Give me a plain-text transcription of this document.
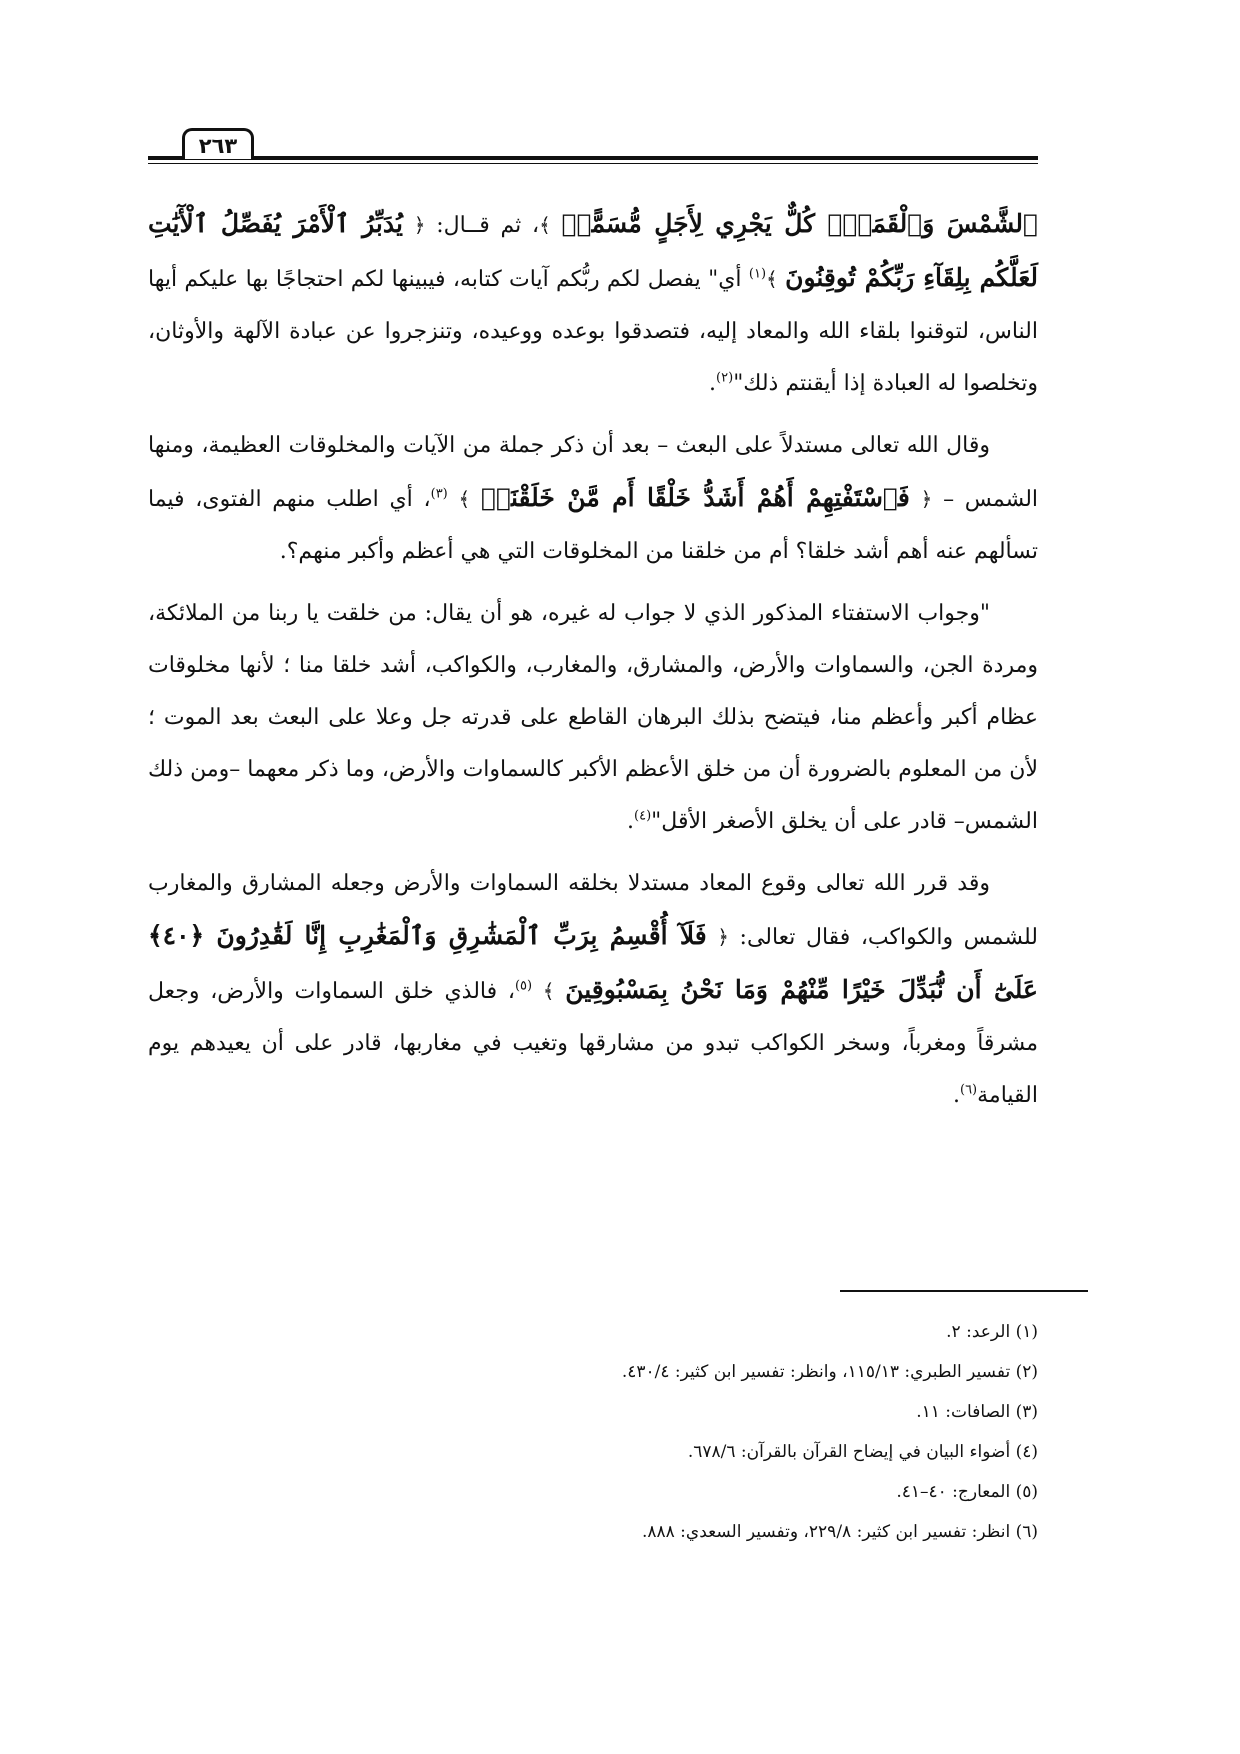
٢٦٣

ٱلشَّمْسَ وَٱلْقَمَرَۖ كُلٌّ يَجْرِي لِأَجَلٍ مُّسَمًّىۚ ﴾، ثم قــال: ﴿ يُدَبِّرُ ٱلْأَمْرَ يُفَصِّلُ ٱلْأٓيَٰتِ لَعَلَّكُم بِلِقَآءِ رَبِّكُمْ تُوقِنُونَ ﴾$^{(١)}$ أي" يفصل لكم ربُّكم آيات كتابه، فيبينها لكم احتجاجًا بها عليكم أيها الناس، لتوقنوا بلقاء الله والمعاد إليه، فتصدقوا بوعده ووعيده، وتنزجروا عن عبادة الآلهة والأوثان، وتخلصوا له العبادة إذا أيقنتم ذلك"$^{(٢)}$.

وقال الله تعالى مستدلاً على البعث – بعد أن ذكر جملة من الآيات والمخلوقات العظيمة، ومنها الشمس – ﴿ فَٱسْتَفْتِهِمْ أَهُمْ أَشَدُّ خَلْقًا أَم مَّنْ خَلَقْنَآۚ ﴾ $^{(٣)}$، أي اطلب منهم الفتوى، فيما تسألهم عنه أهم أشد خلقا؟ أم من خلقنا من المخلوقات التي هي أعظم وأكبر منهم؟.

"وجواب الاستفتاء المذكور الذي لا جواب له غيره، هو أن يقال: من خلقت يا ربنا من الملائكة، ومردة الجن، والسماوات والأرض، والمشارق، والمغارب، والكواكب، أشد خلقا منا ؛ لأنها مخلوقات عظام أكبر وأعظم منا، فيتضح بذلك البرهان القاطع على قدرته جل وعلا على البعث بعد الموت ؛ لأن من المعلوم بالضرورة أن من خلق الأعظم الأكبر كالسماوات والأرض، وما ذكر معهما –ومن ذلك الشمس– قادر على أن يخلق الأصغر الأقل"$^{(٤)}$.

وقد قرر الله تعالى وقوع المعاد مستدلا بخلقه السماوات والأرض وجعله المشارق والمغارب للشمس والكواكب، فقال تعالى: ﴿ فَلَآ أُقْسِمُ بِرَبِّ ٱلْمَشَٰرِقِ وَٱلْمَغَٰرِبِ إِنَّا لَقَٰدِرُونَ ﴿٤٠﴾ عَلَىٰٓ أَن نُّبَدِّلَ خَيْرًا مِّنْهُمْ وَمَا نَحْنُ بِمَسْبُوقِينَ ﴾ $^{(٥)}$، فالذي خلق السماوات والأرض، وجعل مشرقاً ومغرباً، وسخر الكواكب تبدو من مشارقها وتغيب في مغاربها، قادر على أن يعيدهم يوم القيامة$^{(٦)}$.

(١) الرعد: ٢.

(٢) تفسير الطبري: ١١٥/١٣، وانظر: تفسير ابن كثير: ٤٣٠/٤.

(٣) الصافات: ١١.

(٤) أضواء البيان في إيضاح القرآن بالقرآن: ٦٧٨/٦.

(٥) المعارج: ٤٠–٤١.

(٦) انظر: تفسير ابن كثير: ٢٢٩/٨، وتفسير السعدي: ٨٨٨.
